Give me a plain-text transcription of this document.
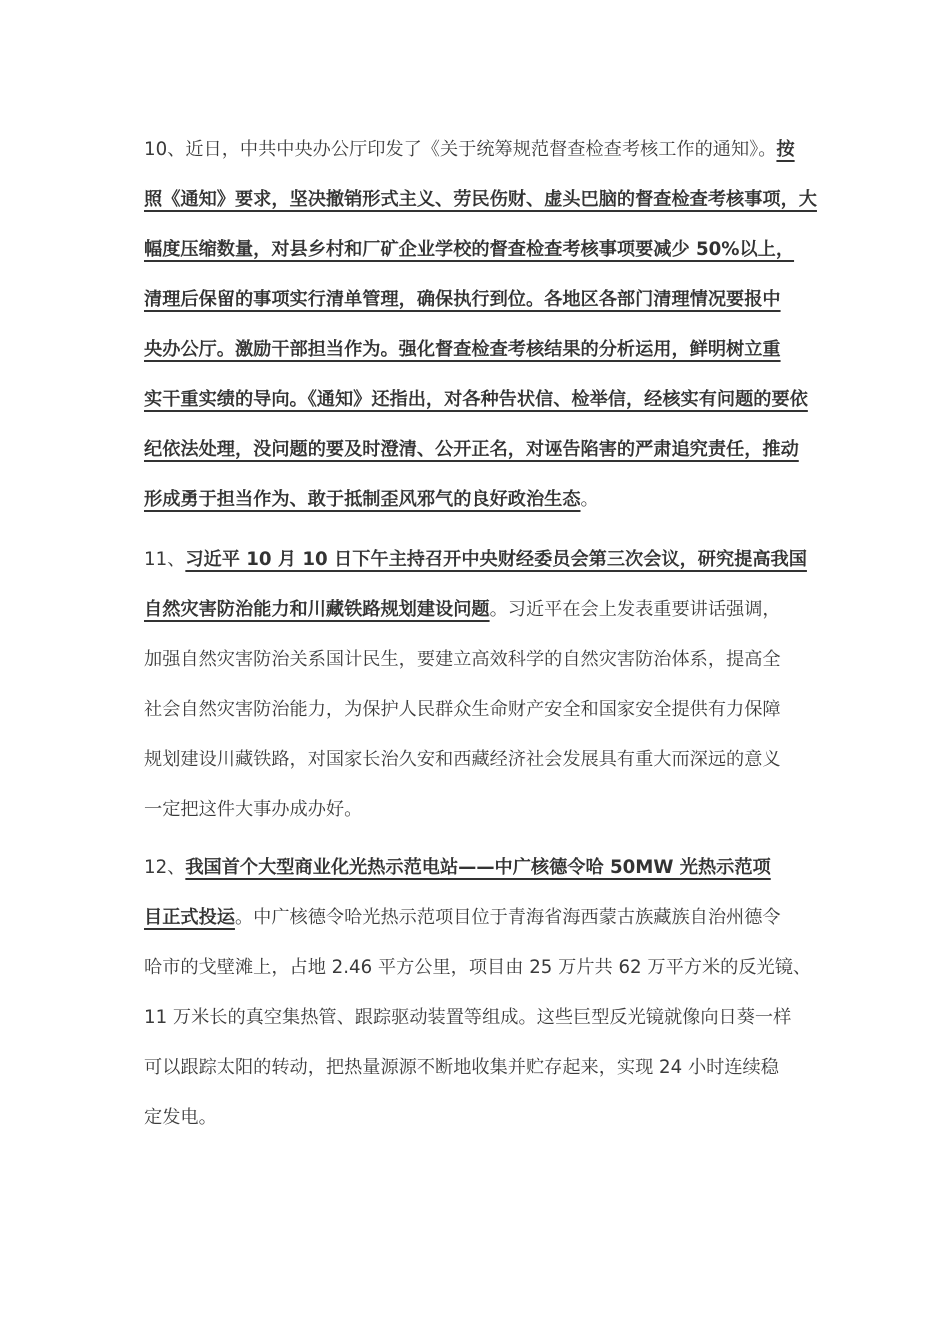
10、近日，中共中央办公厅印发了《关于统筹规范督查检查考核工作的通知》。按
照《通知》要求，坚决撤销形式主义、劳民伤财、虚头巴脑的督查检查考核事项，大
幅度压缩数量，对县乡村和厂矿企业学校的督查检查考核事项要减少 50%以上，
清理后保留的事项实行清单管理，确保执行到位。各地区各部门清理情况要报中
央办公厅。激励干部担当作为。强化督查检查考核结果的分析运用，鲜明树立重
实干重实绩的导向。《通知》还指出，对各种告状信、检举信，经核实有问题的要依
纪依法处理，没问题的要及时澄清、公开正名，对诬告陷害的严肃追究责任，推动
形成勇于担当作为、敢于抵制歪风邪气的良好政治生态。
11、习近平 10 月 10 日下午主持召开中央财经委员会第三次会议，研究提高我国
自然灾害防治能力和川藏铁路规划建设问题。习近平在会上发表重要讲话强调，
加强自然灾害防治关系国计民生，要建立高效科学的自然灾害防治体系，提高全
社会自然灾害防治能力，为保护人民群众生命财产安全和国家安全提供有力保障
规划建设川藏铁路，对国家长治久安和西藏经济社会发展具有重大而深远的意义
一定把这件大事办成办好。
12、我国首个大型商业化光热示范电站——中广核德令哈 50MW 光热示范项
目正式投运。中广核德令哈光热示范项目位于青海省海西蒙古族藏族自治州德令
哈市的戈壁滩上，占地 2.46 平方公里，项目由 25 万片共 62 万平方米的反光镜、
11 万米长的真空集热管、跟踪驱动装置等组成。这些巨型反光镜就像向日葵一样
可以跟踪太阳的转动，把热量源源不断地收集并贮存起来，实现 24 小时连续稳
定发电。
